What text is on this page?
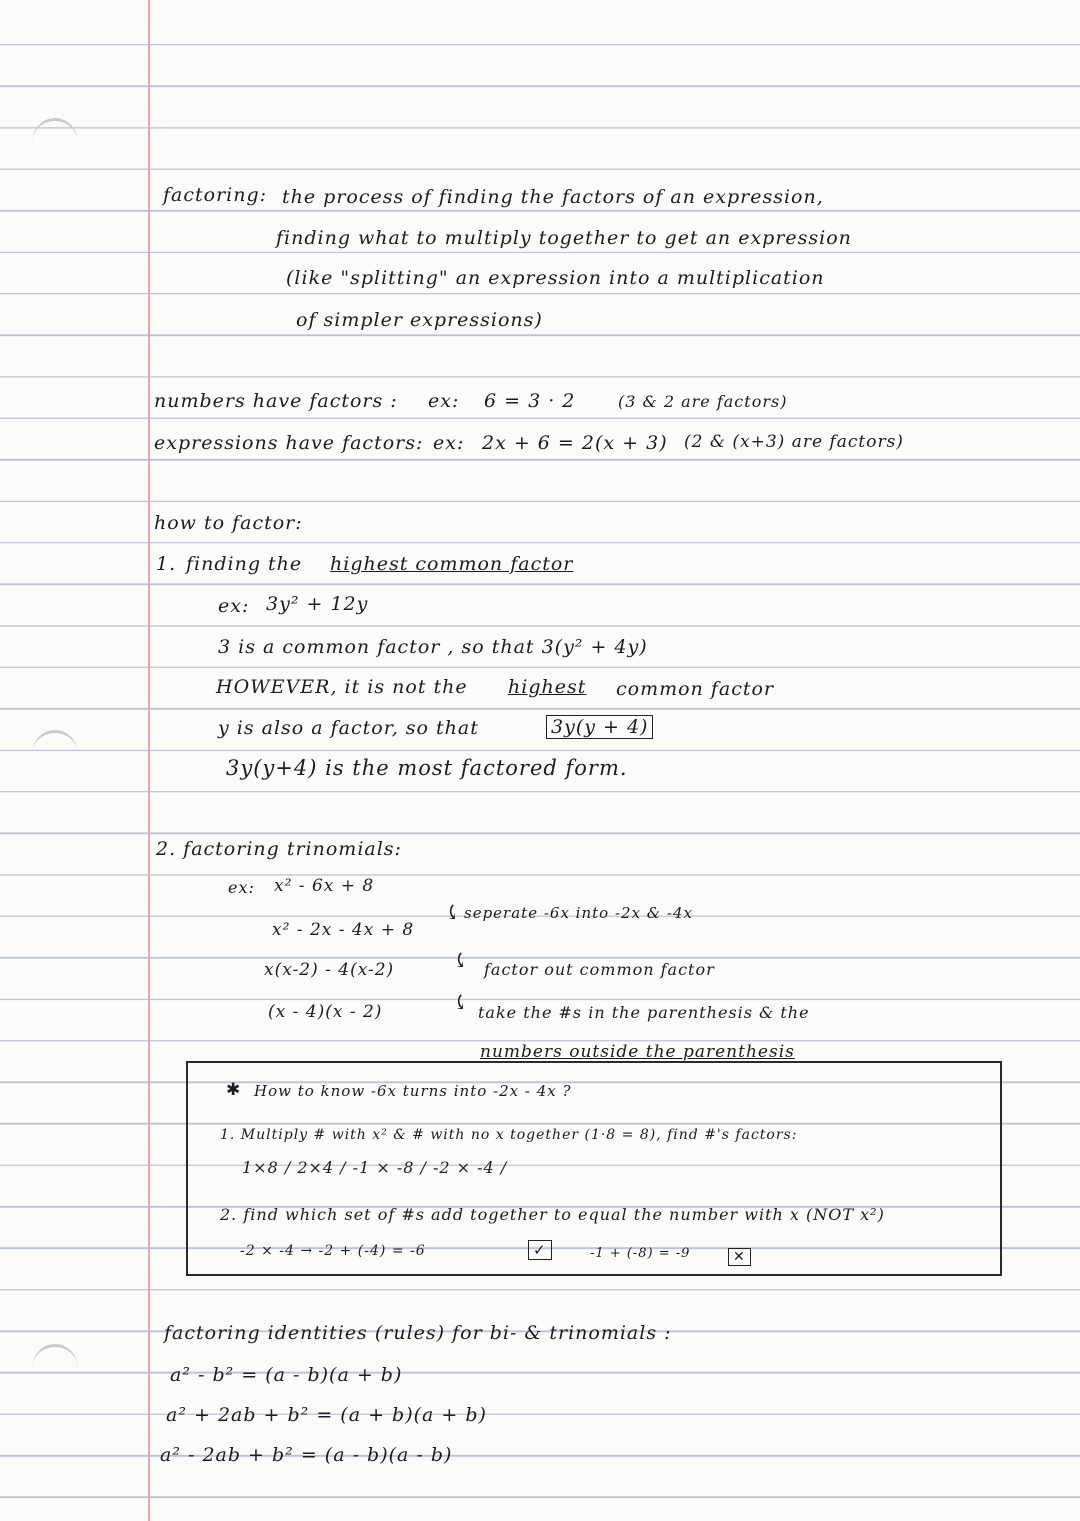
factoring: the process of finding the factors of an expression,
finding what to multiply together to get an expression
(like "splitting" an expression into a multiplication
of simpler expressions)
numbers have factors : ex: 6 = 3 · 2	(3 & 2 are factors)
expressions have factors: ex: 2x + 6 = 2(x + 3) (2 & (x+3) are factors)
how to factor:
1. finding the highest common factor
ex: 3y² + 12y
3 is a common factor , so that 3(y² + 4y)
HOWEVER, it is not the highest common factor
y is also a factor, so that	3y(y + 4)
3y(y+4) is the most factored form.
2. factoring trinomials:
ex: x² - 6x + 8
x² - 2x - 4x + 8
x(x-2) - 4(x-2)
(x - 4)(x - 2)
⤹
⤹
⤹
seperate -6x into -2x & -4x
factor out common factor
take the #s in the parenthesis & the
numbers outside the parenthesis
✱ How to know -6x turns into -2x - 4x ?
1. Multiply # with x² & # with no x together (1·8 = 8), find #'s factors:
1×8 / 2×4 / -1 × -8 / -2 × -4 /
2. find which set of #s add together to equal the number with x (NOT x²)
-2 × -4 → -2 + (-4) = -6	✓	-1 + (-8) = -9	✕
factoring identities (rules) for bi- & trinomials :
a² - b² = (a - b)(a + b)
a² + 2ab + b² = (a + b)(a + b)
a² - 2ab + b² = (a - b)(a - b)
